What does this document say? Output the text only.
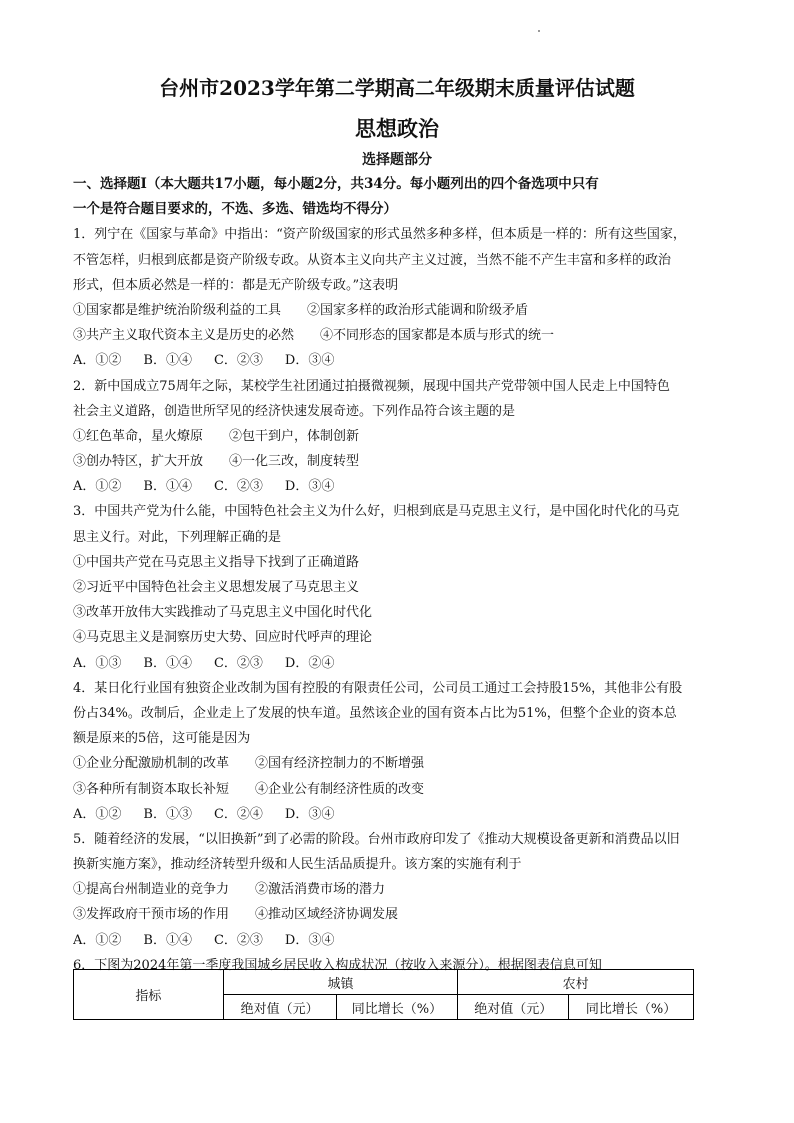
台州市2023学年第二学期高二年级期末质量评估试题
思想政治
选择题部分
一、选择题Ⅰ（本大题共17小题，每小题2分，共34分。每小题列出的四个备选项中只有
一个是符合题目要求的，不选、多选、错选均不得分）
1．列宁在《国家与革命》中指出：“资产阶级国家的形式虽然多种多样，但本质是一样的：所有这些国家，
不管怎样，归根到底都是资产阶级专政。从资本主义向共产主义过渡，当然不能不产生丰富和多样的政治
形式，但本质必然是一样的：都是无产阶级专政。”这表明
①国家都是维护统治阶级利益的工具 ②国家多样的政治形式能调和阶级矛盾
③共产主义取代资本主义是历史的必然 ④不同形态的国家都是本质与形式的统一
A．①② B．①④ C．②③ D．③④
2．新中国成立75周年之际，某校学生社团通过拍摄微视频，展现中国共产党带领中国人民走上中国特色
社会主义道路，创造世所罕见的经济快速发展奇迹。下列作品符合该主题的是
①红色革命，星火燎原 ②包干到户，体制创新
③创办特区，扩大开放 ④一化三改，制度转型
A．①② B．①④ C．②③ D．③④
3．中国共产党为什么能，中国特色社会主义为什么好，归根到底是马克思主义行，是中国化时代化的马克
思主义行。对此，下列理解正确的是
①中国共产党在马克思主义指导下找到了正确道路
②习近平中国特色社会主义思想发展了马克思主义
③改革开放伟大实践推动了马克思主义中国化时代化
④马克思主义是洞察历史大势、回应时代呼声的理论
A．①③ B．①④ C．②③ D．②④
4．某日化行业国有独资企业改制为国有控股的有限责任公司，公司员工通过工会持股15%，其他非公有股
份占34%。改制后，企业走上了发展的快车道。虽然该企业的国有资本占比为51%，但整个企业的资本总
额是原来的5倍，这可能是因为
①企业分配激励机制的改革 ②国有经济控制力的不断增强
③各种所有制资本取长补短 ④企业公有制经济性质的改变
A．①② B．①③ C．②④ D．③④
5．随着经济的发展，“以旧换新”到了必需的阶段。台州市政府印发了《推动大规模设备更新和消费品以旧
换新实施方案》，推动经济转型升级和人民生活品质提升。该方案的实施有利于
①提高台州制造业的竞争力 ②激活消费市场的潜力
③发挥政府干预市场的作用 ④推动区域经济协调发展
A．①② B．①④ C．②③ D．③④
6．下图为2024年第一季度我国城乡居民收入构成状况（按收入来源分）。根据图表信息可知
指标	城镇		农村	
	绝对值（元）	同比增长（%）	绝对值（元）	同比增长（%）
